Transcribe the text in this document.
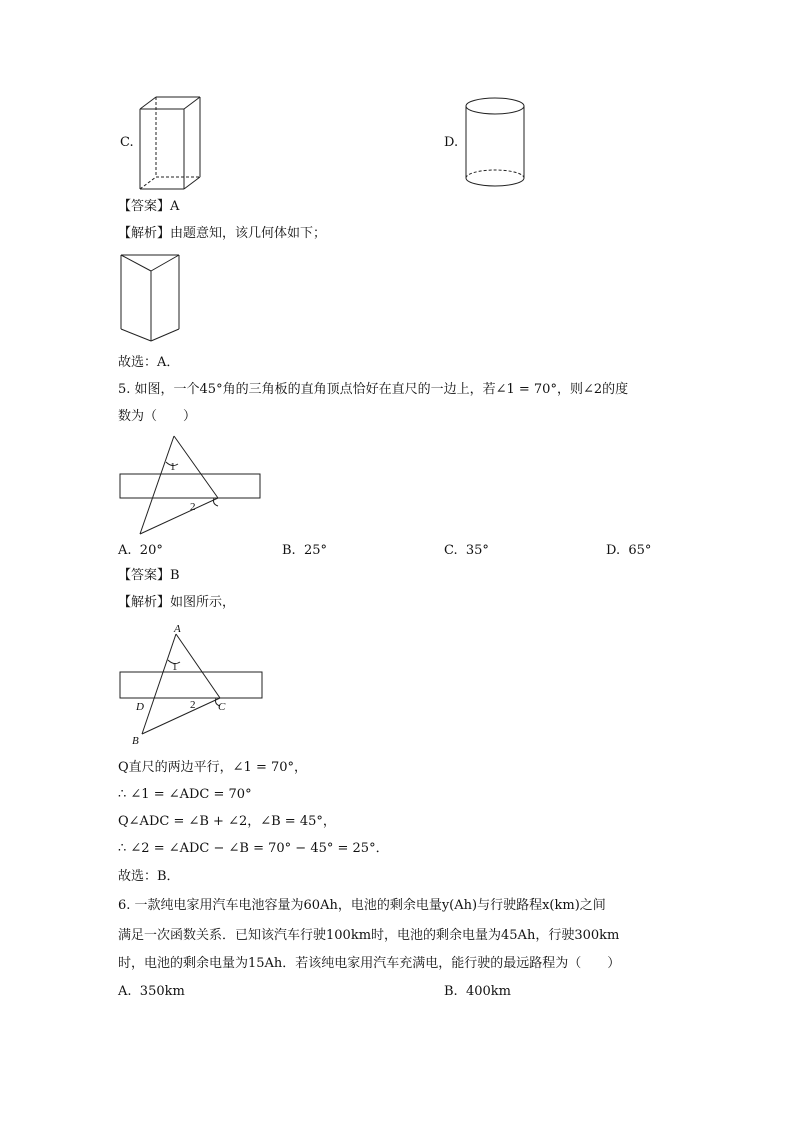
C.	D.
【答案】A
【解析】由题意知，该几何体如下；
故选：A．
5. 如图，一个45°角的三角板的直角顶点恰好在直尺的一边上，若∠1 = 70°，则∠2的度
数为（　　）
1
2
A. 20°	B. 25°	C. 35°	D. 65°
【答案】B
【解析】如图所示，
A
D	C
B
1
2
Q直尺的两边平行，∠1 = 70°，
∴ ∠1 = ∠ADC = 70°
Q∠ADC = ∠B + ∠2，∠B = 45°，
∴ ∠2 = ∠ADC − ∠B = 70° − 45° = 25°．
故选：B．
6. 一款纯电家用汽车电池容量为60Ah，电池的剩余电量y(Ah)与行驶路程x(km)之间
满足一次函数关系．已知该汽车行驶100km时，电池的剩余电量为45Ah，行驶300km
时，电池的剩余电量为15Ah．若该纯电家用汽车充满电，能行驶的最远路程为（　　）
A. 350km	B. 400km
